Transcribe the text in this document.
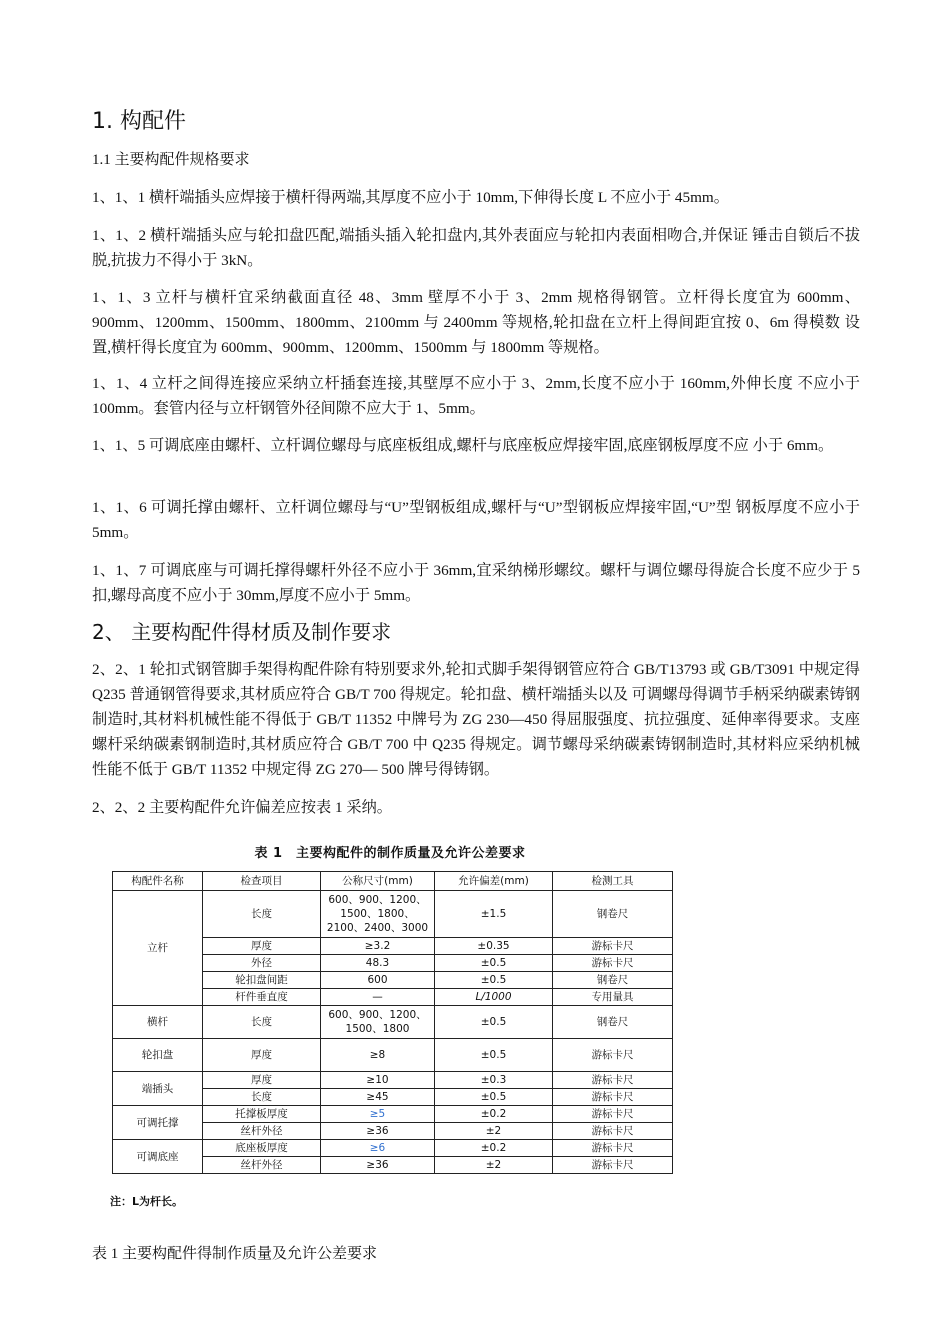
1. 构配件
1.1 主要构配件规格要求
1、1、1 横杆端插头应焊接于横杆得两端,其厚度不应小于 10mm,下伸得长度 L 不应小于 45mm。
1、1、2 横杆端插头应与轮扣盘匹配,端插头插入轮扣盘内,其外表面应与轮扣内表面相吻合,并保证 锤击自锁后不拔脱,抗拔力不得小于 3kN。
1、1、3 立杆与横杆宜采纳截面直径 48、3mm 壁厚不小于 3、2mm 规格得钢管。立杆得长度宜为 600mm、 900mm、1200mm、1500mm、1800mm、2100mm 与 2400mm 等规格,轮扣盘在立杆上得间距宜按 0、6m 得模数 设置,横杆得长度宜为 600mm、900mm、1200mm、1500mm 与 1800mm 等规格。
1、1、4 立杆之间得连接应采纳立杆插套连接,其壁厚不应小于 3、2mm,长度不应小于 160mm,外伸长度 不应小于 100mm。套管内径与立杆钢管外径间隙不应大于 1、5mm。
1、1、5 可调底座由螺杆、立杆调位螺母与底座板组成,螺杆与底座板应焊接牢固,底座钢板厚度不应 小于 6mm。
1、1、6 可调托撑由螺杆、立杆调位螺母与“U”型钢板组成,螺杆与“U”型钢板应焊接牢固,“U”型 钢板厚度不应小于 5mm。
1、1、7 可调底座与可调托撑得螺杆外径不应小于 36mm,宜采纳梯形螺纹。螺杆与调位螺母得旋合长度不应少于 5 扣,螺母高度不应小于 30mm,厚度不应小于 5mm。
2、 主要构配件得材质及制作要求
2、2、1 轮扣式钢管脚手架得构配件除有特别要求外,轮扣式脚手架得钢管应符合 GB/T13793 或 GB/T3091 中规定得 Q235 普通钢管得要求,其材质应符合 GB/T 700 得规定。轮扣盘、横杆端插头以及 可调螺母得调节手柄采纳碳素铸钢制造时,其材料机械性能不得低于 GB/T 11352 中牌号为 ZG 230—450 得屈服强度、抗拉强度、延伸率得要求。支座螺杆采纳碳素钢制造时,其材质应符合 GB/T 700 中 Q235 得规定。调节螺母采纳碳素铸钢制造时,其材料应采纳机械性能不低于 GB/T 11352 中规定得 ZG 270— 500 牌号得铸钢。
2、2、2 主要构配件允许偏差应按表 1 采纳。
表 1　主要构配件的制作质量及允许公差要求
构配件名称	检查项目	公称尺寸(mm)	允许偏差(mm)	检测工具
立杆	长度	600、900、1200、1500、1800、2100、2400、3000	±1.5	钢卷尺
	厚度	≥3.2	±0.35	游标卡尺
	外径	48.3	±0.5	游标卡尺
	轮扣盘间距	600	±0.5	钢卷尺
	杆件垂直度	—	L/1000	专用量具
横杆	长度	600、900、1200、1500、1800	±0.5	钢卷尺
轮扣盘	厚度	≥8	±0.5	游标卡尺
端插头	厚度	≥10	±0.3	游标卡尺
	长度	≥45	±0.5	游标卡尺
可调托撑	托撑板厚度	≥5	±0.2	游标卡尺
	丝杆外径	≥36	±2	游标卡尺
可调底座	底座板厚度	≥6	±0.2	游标卡尺
	丝杆外径	≥36	±2	游标卡尺
注：L为杆长。
表 1 主要构配件得制作质量及允许公差要求
